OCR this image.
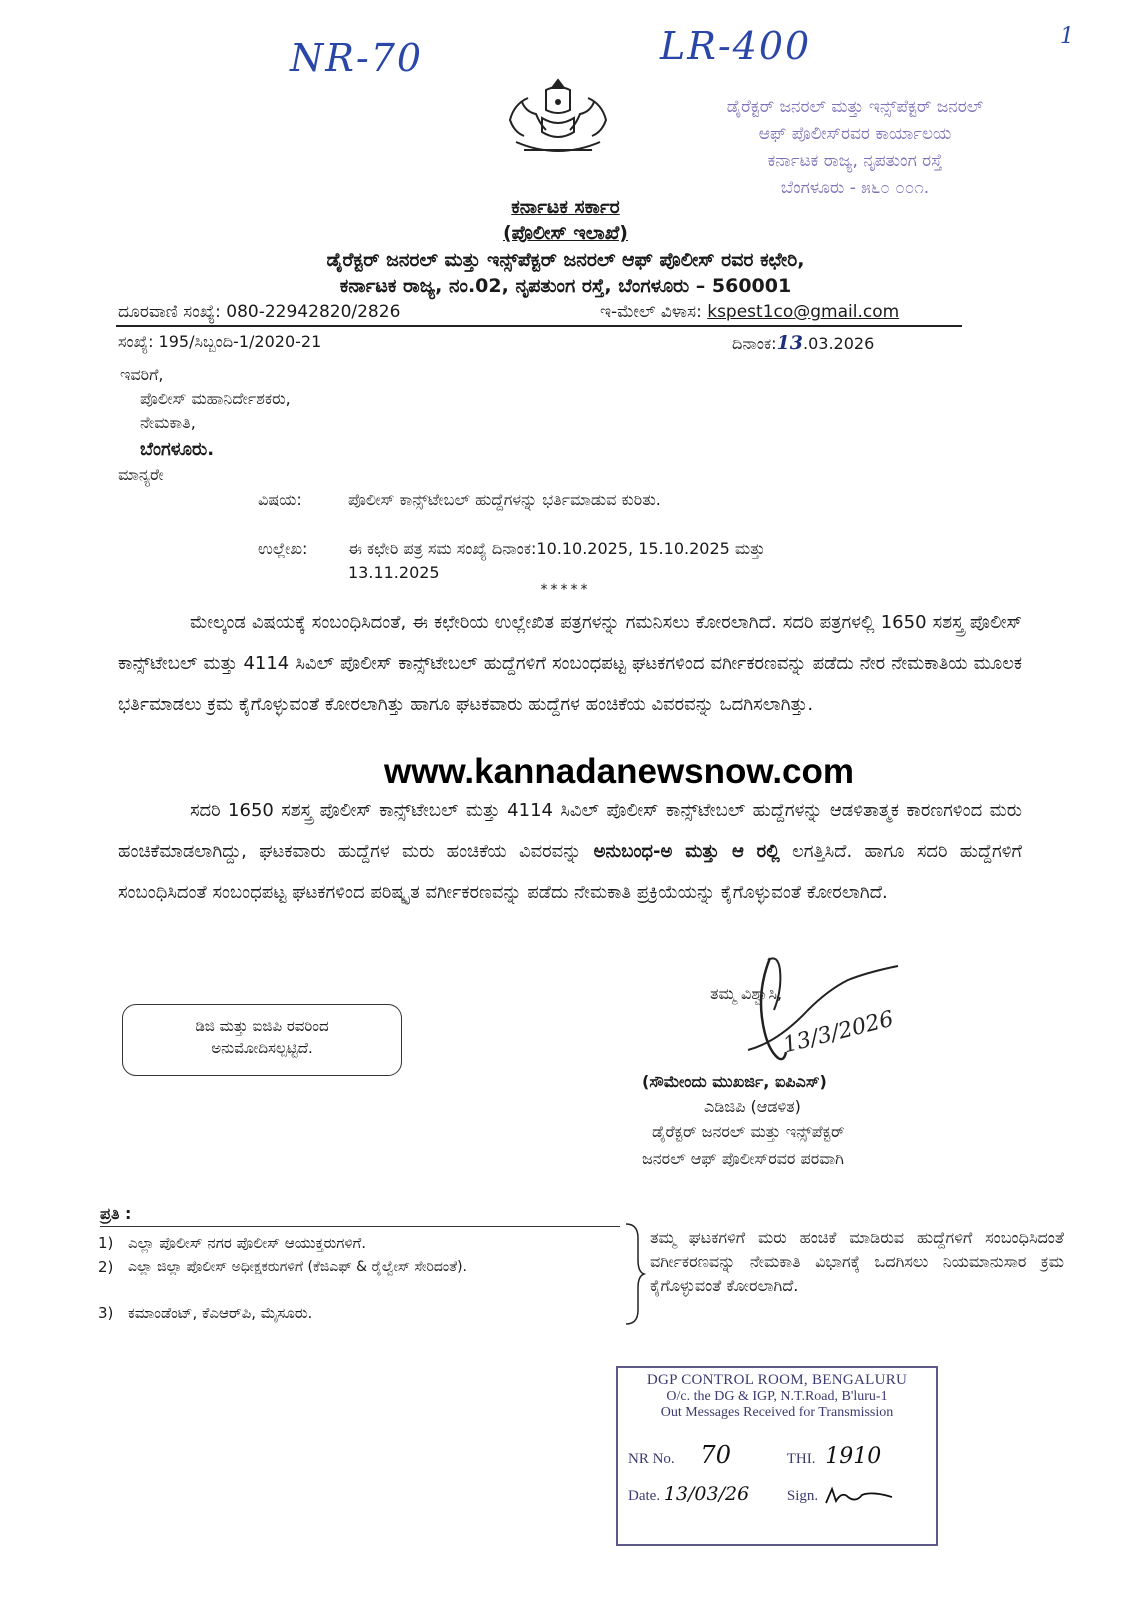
NR-70	LR-400	1
ಡೈರೆಕ್ಟರ್ ಜನರಲ್ ಮತ್ತು ಇನ್ಸ್‌ಪೆಕ್ಟರ್ ಜನರಲ್
ಆಫ್ ಪೊಲೀಸ್‌ರವರ ಕಾರ್ಯಾಲಯ
ಕರ್ನಾಟಕ ರಾಜ್ಯ, ನೃಪತುಂಗ ರಸ್ತೆ
ಬೆಂಗಳೂರು - ೫೬೦ ೦೦೧.
ಕರ್ನಾಟಕ ಸರ್ಕಾರ
(ಪೊಲೀಸ್ ಇಲಾಖೆ)
ಡೈರೆಕ್ಟರ್ ಜನರಲ್ ಮತ್ತು ಇನ್ಸ್‌ಪೆಕ್ಟರ್ ಜನರಲ್ ಆಫ್ ಪೊಲೀಸ್ ರವರ ಕಛೇರಿ,
ಕರ್ನಾಟಕ ರಾಜ್ಯ, ನಂ.02, ನೃಪತುಂಗ ರಸ್ತೆ, ಬೆಂಗಳೂರು – 560001
ದೂರವಾಣಿ ಸಂಖ್ಯೆ: 080-22942820/2826	ಇ-ಮೇಲ್ ವಿಳಾಸ: kspest1co@gmail.com
ಸಂಖ್ಯೆ: 195/ಸಿಬ್ಬಂದಿ-1/2020-21	ದಿನಾಂಕ:13.03.2026
ಇವರಿಗೆ,
ಪೊಲೀಸ್ ಮಹಾನಿರ್ದೇಶಕರು,
ನೇಮಕಾತಿ,
ಬೆಂಗಳೂರು.
ಮಾನ್ಯರೇ
ವಿಷಯ:	ಪೊಲೀಸ್ ಕಾನ್ಸ್‌ಟೇಬಲ್ ಹುದ್ದೆಗಳನ್ನು ಭರ್ತಿಮಾಡುವ ಕುರಿತು.
ಉಲ್ಲೇಖ:	ಈ ಕಛೇರಿ ಪತ್ರ ಸಮ ಸಂಖ್ಯೆ ದಿನಾಂಕ:10.10.2025, 15.10.2025 ಮತ್ತು
13.11.2025
*****
ಮೇಲ್ಕಂಡ ವಿಷಯಕ್ಕೆ ಸಂಬಂಧಿಸಿದಂತೆ, ಈ ಕಛೇರಿಯ ಉಲ್ಲೇಖಿತ ಪತ್ರಗಳನ್ನು ಗಮನಿಸಲು ಕೋರಲಾಗಿದೆ. ಸದರಿ ಪತ್ರಗಳಲ್ಲಿ 1650 ಸಶಸ್ತ್ರ ಪೊಲೀಸ್ ಕಾನ್ಸ್‌ಟೇಬಲ್ ಮತ್ತು 4114 ಸಿವಿಲ್ ಪೊಲೀಸ್ ಕಾನ್ಸ್‌ಟೇಬಲ್ ಹುದ್ದೆಗಳಿಗೆ ಸಂಬಂಧಪಟ್ಟ ಘಟಕಗಳಿಂದ ವರ್ಗೀಕರಣವನ್ನು ಪಡೆದು ನೇರ ನೇಮಕಾತಿಯ ಮೂಲಕ ಭರ್ತಿಮಾಡಲು ಕ್ರಮ ಕೈಗೊಳ್ಳುವಂತೆ ಕೋರಲಾಗಿತ್ತು ಹಾಗೂ ಘಟಕವಾರು ಹುದ್ದೆಗಳ ಹಂಚಿಕೆಯ ವಿವರವನ್ನು ಒದಗಿಸಲಾಗಿತ್ತು.
www.kannadanewsnow.com
ಸದರಿ 1650 ಸಶಸ್ತ್ರ ಪೊಲೀಸ್ ಕಾನ್ಸ್‌ಟೇಬಲ್ ಮತ್ತು 4114 ಸಿವಿಲ್ ಪೊಲೀಸ್ ಕಾನ್ಸ್‌ಟೇಬಲ್ ಹುದ್ದೆಗಳನ್ನು ಆಡಳಿತಾತ್ಮಕ ಕಾರಣಗಳಿಂದ ಮರು ಹಂಚಿಕೆಮಾಡಲಾಗಿದ್ದು, ಘಟಕವಾರು ಹುದ್ದೆಗಳ ಮರು ಹಂಚಿಕೆಯ ವಿವರವನ್ನು ಅನುಬಂಧ-ಅ ಮತ್ತು ಆ ರಲ್ಲಿ ಲಗತ್ತಿಸಿದೆ. ಹಾಗೂ ಸದರಿ ಹುದ್ದೆಗಳಿಗೆ ಸಂಬಂಧಿಸಿದಂತೆ ಸಂಬಂಧಪಟ್ಟ ಘಟಕಗಳಿಂದ ಪರಿಷ್ಕೃತ ವರ್ಗೀಕರಣವನ್ನು ಪಡೆದು ನೇಮಕಾತಿ ಪ್ರಕ್ರಿಯೆಯನ್ನು ಕೈಗೊಳ್ಳುವಂತೆ ಕೋರಲಾಗಿದೆ.
ಡಿಜಿ ಮತ್ತು ಐಜಿಪಿ ರವರಿಂದ
ಅನುಮೋದಿಸಲ್ಪಟ್ಟಿದೆ.
ತಮ್ಮ ವಿಶ್ವಾಸಿ,
13/3/2026
(ಸೌಮೇಂದು ಮುಖರ್ಜಿ, ಐಪಿಎಸ್)
ಎಡಿಜಿಪಿ (ಆಡಳಿತ)
ಡೈರೆಕ್ಟರ್ ಜನರಲ್ ಮತ್ತು ಇನ್ಸ್‌ಪೆಕ್ಟರ್
ಜನರಲ್ ಆಫ್ ಪೊಲೀಸ್‌ರವರ ಪರವಾಗಿ
ಪ್ರತಿ :
1) ಎಲ್ಲಾ ಪೊಲೀಸ್ ನಗರ ಪೊಲೀಸ್ ಆಯುಕ್ತರುಗಳಿಗೆ.
2)	ಎಲ್ಲಾ ಜಿಲ್ಲಾ ಪೊಲೀಸ್ ಅಧೀಕ್ಷಕರುಗಳಿಗೆ (ಕೆಜಿಎಫ್ & ರೈಲ್ವೇಸ್ ಸೇರಿದಂತೆ).
3) ಕಮಾಂಡೆಂಟ್, ಕೆಎಆರ್‌ಪಿ, ಮೈಸೂರು.
ತಮ್ಮ ಘಟಕಗಳಿಗೆ ಮರು ಹಂಚಿಕೆ ಮಾಡಿರುವ ಹುದ್ದೆಗಳಿಗೆ ಸಂಬಂಧಿಸಿದಂತೆ ವರ್ಗೀಕರಣವನ್ನು ನೇಮಕಾತಿ ವಿಭಾಗಕ್ಕೆ ಒದಗಿಸಲು ನಿಯಮಾನುಸಾರ ಕ್ರಮ ಕೈಗೊಳ್ಳುವಂತೆ ಕೋರಲಾಗಿದೆ.
DGP CONTROL ROOM, BENGALURU
O/c. the DG & IGP, N.T.Road, B'luru-1
Out Messages Received for Transmission
NR No. 70	THI. 1910
Date. 13/03/26	Sign.
